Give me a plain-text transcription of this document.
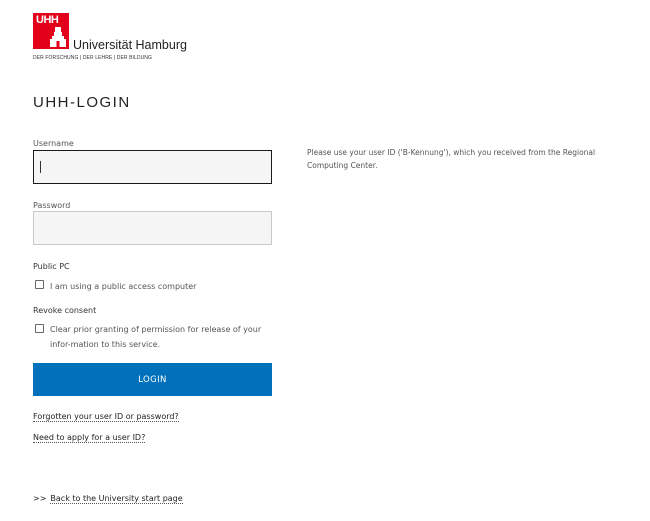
UHH
Universität Hamburg
DER FORSCHUNG | DER LEHRE | DER BILDUNG
UHH-LOGIN
Username
Password
Public PC
I am using a public access computer
Revoke consent
Clear prior granting of permission for release of your infor-mation to this service.
LOGIN
Forgotten your user ID or password?
Need to apply for a user ID?
>> Back to the University start page
Please use your user ID ('B-Kennung'), which you received from the Regional Computing Center.
